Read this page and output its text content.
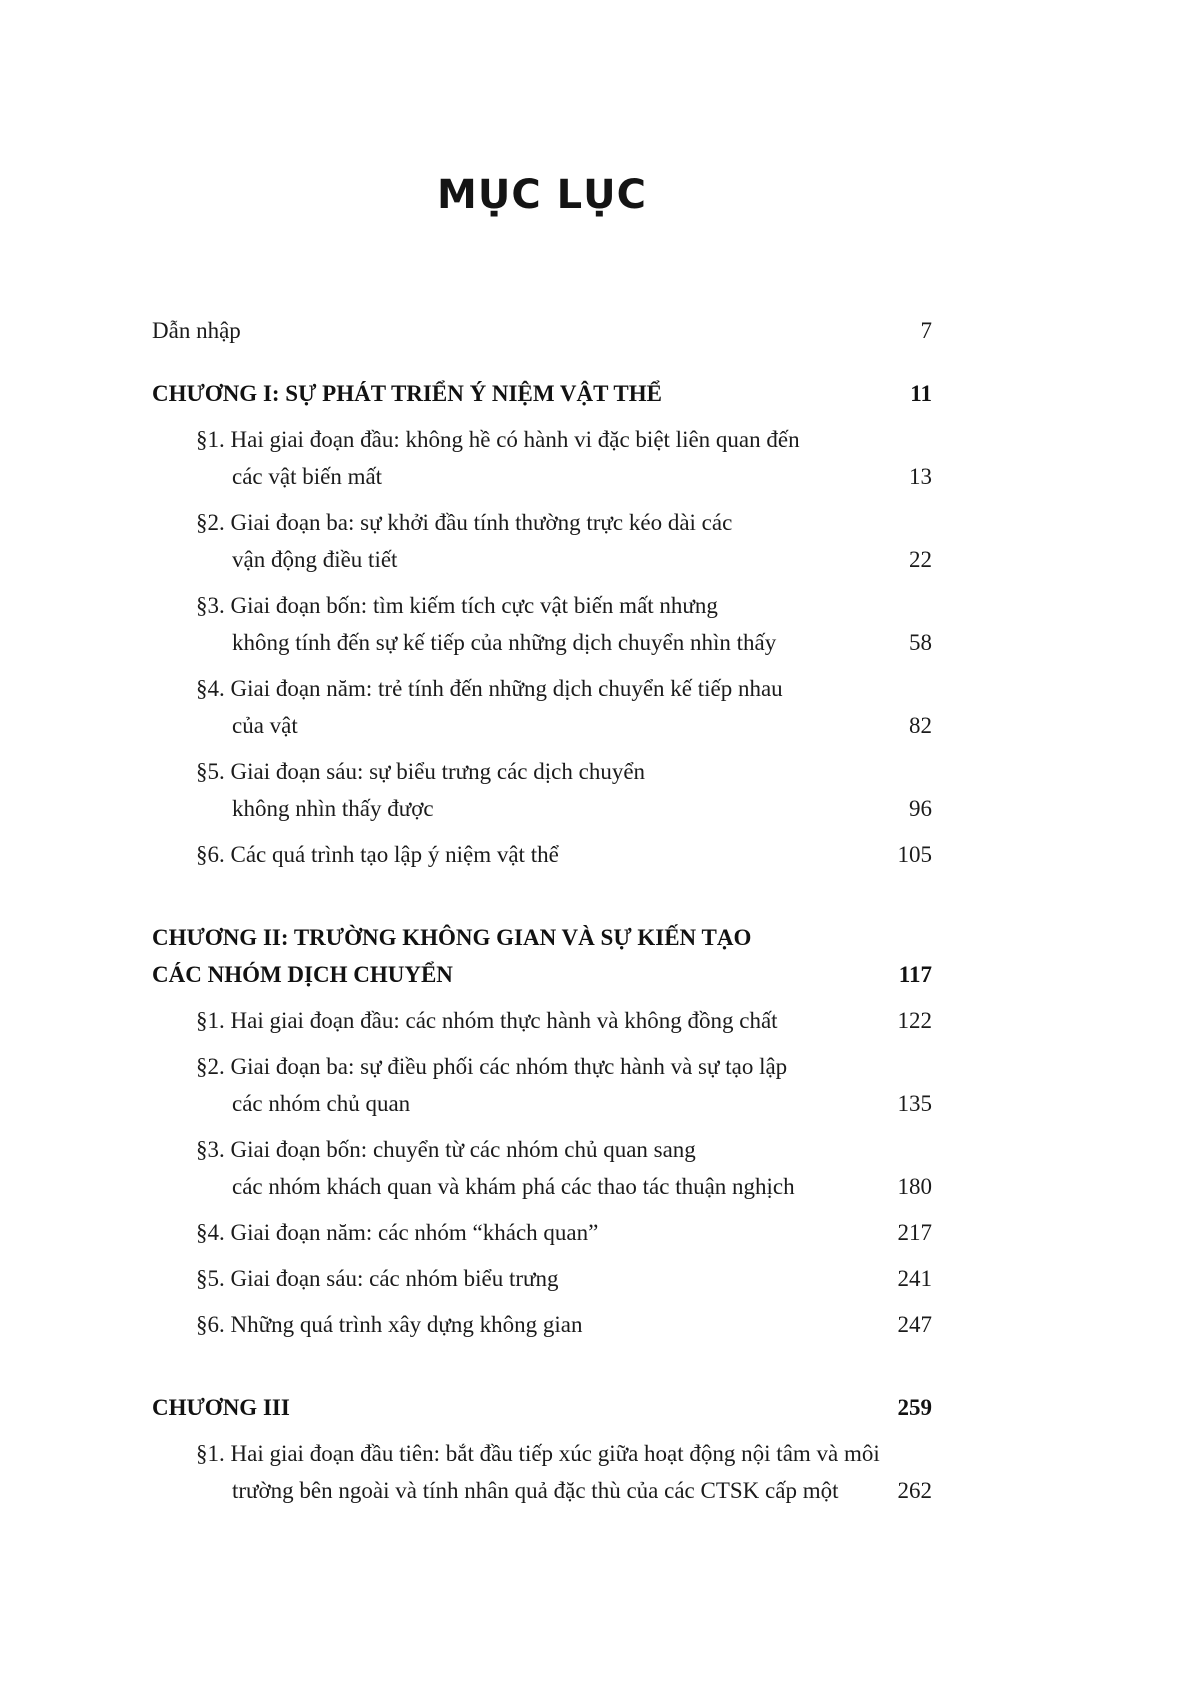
MỤC LỤC
Dẫn nhập	7
CHƯƠNG I: SỰ PHÁT TRIỂN Ý NIỆM VẬT THỂ	11
§1. Hai giai đoạn đầu: không hề có hành vi đặc biệt liên quan đến
các vật biến mất	13
§2. Giai đoạn ba: sự khởi đầu tính thường trực kéo dài các
vận động điều tiết	22
§3. Giai đoạn bốn: tìm kiếm tích cực vật biến mất nhưng
không tính đến sự kế tiếp của những dịch chuyển nhìn thấy	58
§4. Giai đoạn năm: trẻ tính đến những dịch chuyển kế tiếp nhau
của vật	82
§5. Giai đoạn sáu: sự biểu trưng các dịch chuyển
không nhìn thấy được	96
§6. Các quá trình tạo lập ý niệm vật thể	105
CHƯƠNG II: TRƯỜNG KHÔNG GIAN VÀ SỰ KIẾN TẠO
CÁC NHÓM DỊCH CHUYỂN	117
§1. Hai giai đoạn đầu: các nhóm thực hành và không đồng chất	122
§2. Giai đoạn ba: sự điều phối các nhóm thực hành và sự tạo lập
các nhóm chủ quan	135
§3. Giai đoạn bốn: chuyển từ các nhóm chủ quan sang
các nhóm khách quan và khám phá các thao tác thuận nghịch	180
§4. Giai đoạn năm: các nhóm “khách quan”	217
§5. Giai đoạn sáu: các nhóm biểu trưng	241
§6. Những quá trình xây dựng không gian	247
CHƯƠNG III	259
§1. Hai giai đoạn đầu tiên: bắt đầu tiếp xúc giữa hoạt động nội tâm và môi
trường bên ngoài và tính nhân quả đặc thù của các CTSK cấp một	262
